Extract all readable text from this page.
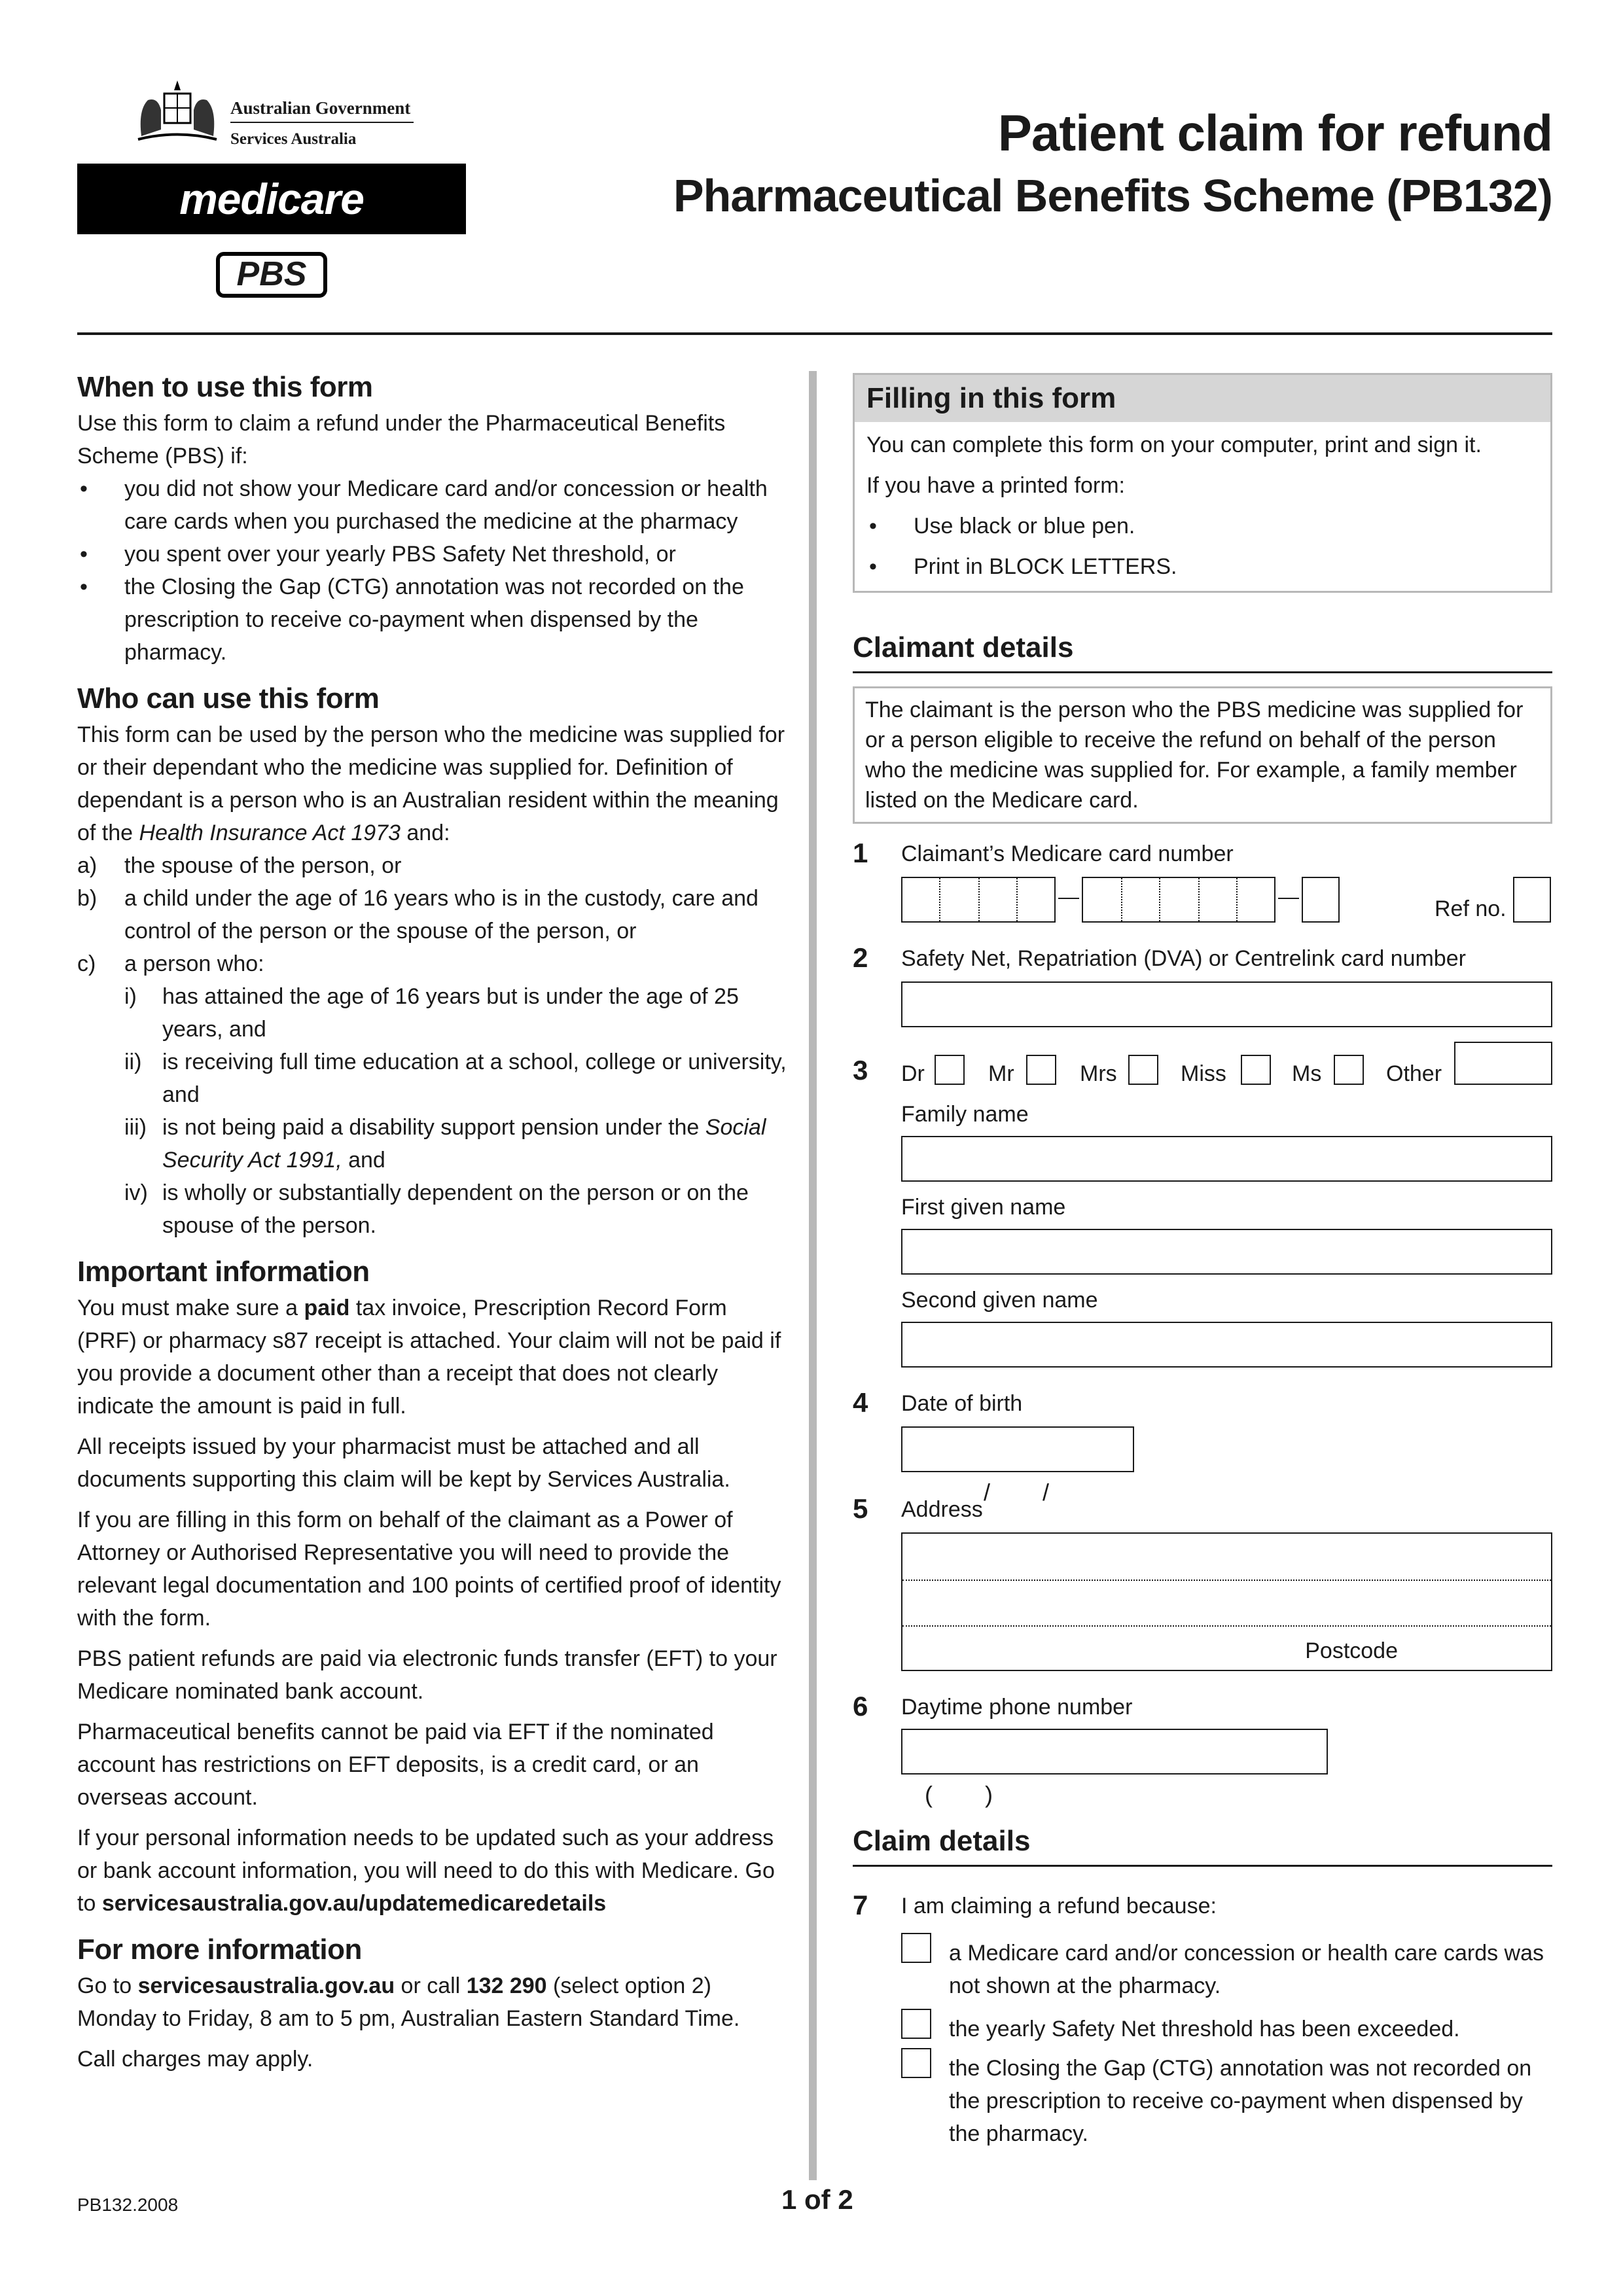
Australian Government
Services Australia
medicare
PBS
Patient claim for refund
Pharmaceutical Benefits Scheme (PB132)
When to use this form
Use this form to claim a refund under the Pharmaceutical Benefits Scheme (PBS) if:
• you did not show your Medicare card and/or concession or health care cards when you purchased the medicine at the pharmacy
• you spent over your yearly PBS Safety Net threshold, or
• the Closing the Gap (CTG) annotation was not recorded on the prescription to receive co-payment when dispensed by the pharmacy.
Who can use this form
This form can be used by the person who the medicine was supplied for or their dependant who the medicine was supplied for. Definition of dependant is a person who is an Australian resident within the meaning of the Health Insurance Act 1973 and:
a) the spouse of the person, or
b) a child under the age of 16 years who is in the custody, care and control of the person or the spouse of the person, or
c) a person who:
i) has attained the age of 16 years but is under the age of 25 years, and
ii) is receiving full time education at a school, college or university, and
iii) is not being paid a disability support pension under the Social Security Act 1991, and
iv) is wholly or substantially dependent on the person or on the spouse of the person.
Important information
You must make sure a paid tax invoice, Prescription Record Form (PRF) or pharmacy s87 receipt is attached. Your claim will not be paid if you provide a document other than a receipt that does not clearly indicate the amount is paid in full.
All receipts issued by your pharmacist must be attached and all documents supporting this claim will be kept by Services Australia.
If you are filling in this form on behalf of the claimant as a Power of Attorney or Authorised Representative you will need to provide the relevant legal documentation and 100 points of certified proof of identity with the form.
PBS patient refunds are paid via electronic funds transfer (EFT) to your Medicare nominated bank account.
Pharmaceutical benefits cannot be paid via EFT if the nominated account has restrictions on EFT deposits, is a credit card, or an overseas account.
If your personal information needs to be updated such as your address or bank account information, you will need to do this with Medicare. Go to servicesaustralia.gov.au/updatemedicaredetails
For more information
Go to servicesaustralia.gov.au or call 132 290 (select option 2) Monday to Friday, 8 am to 5 pm, Australian Eastern Standard Time.
Call charges may apply.
Filling in this form
You can complete this form on your computer, print and sign it.
If you have a printed form:
• Use black or blue pen.
• Print in BLOCK LETTERS.
Claimant details
The claimant is the person who the PBS medicine was supplied for or a person eligible to receive the refund on behalf of the person who the medicine was supplied for. For example, a family member listed on the Medicare card.
1 Claimant’s Medicare card number
Ref no.
2 Safety Net, Repatriation (DVA) or Centrelink card number
3 Dr	Mr	Mrs	Miss	Ms	Other
Family name
First given name
Second given name
4 Date of birth

/        /

5 Address
Postcode
6 Daytime phone number

(        )

Claim details
7 I am claiming a refund because:
a Medicare card and/or concession or health care cards was not shown at the pharmacy.
the yearly Safety Net threshold has been exceeded.
the Closing the Gap (CTG) annotation was not recorded on the prescription to receive co-payment when dispensed by the pharmacy.
PB132.2008	1 of 2
